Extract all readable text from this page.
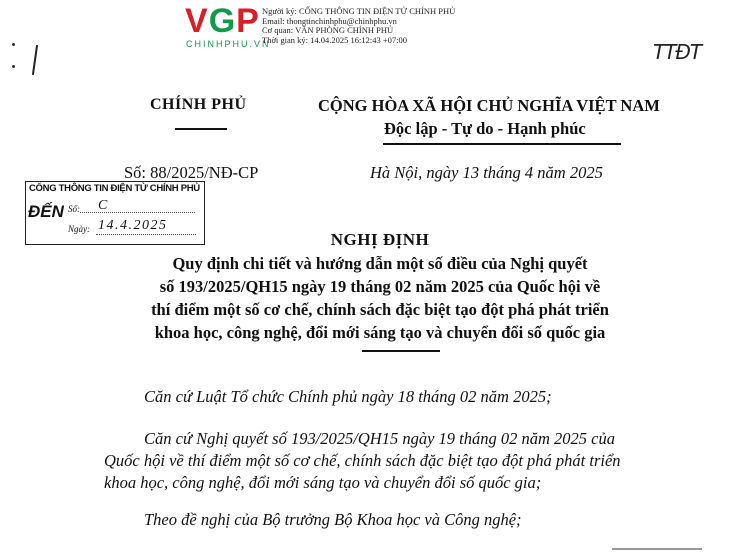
VGP
CHINHPHU.VN
Người ký: CỔNG THÔNG TIN ĐIỆN TỬ CHÍNH PHỦ
Email: thongtinchinhphu@chinhphu.vn
Cơ quan: VĂN PHÒNG CHÍNH PHỦ
Thời gian ký: 14.04.2025 16:12:43 +07:00
TTĐT
CHÍNH PHỦ	CỘNG HÒA XÃ HỘI CHỦ NGHĨA VIỆT NAM
Độc lập - Tự do - Hạnh phúc
Số: 88/2025/NĐ-CP	Hà Nội, ngày 13 tháng 4 năm 2025
CỔNG THÔNG TIN ĐIỆN TỬ CHÍNH PHỦ
ĐẾN Số: C
Ngày: 14.4.2025
NGHỊ ĐỊNH
Quy định chi tiết và hướng dẫn một số điều của Nghị quyết
số 193/2025/QH15 ngày 19 tháng 02 năm 2025 của Quốc hội về
thí điểm một số cơ chế, chính sách đặc biệt tạo đột phá phát triển
khoa học, công nghệ, đổi mới sáng tạo và chuyển đổi số quốc gia
Căn cứ Luật Tổ chức Chính phủ ngày 18 tháng 02 năm 2025;
Căn cứ Nghị quyết số 193/2025/QH15 ngày 19 tháng 02 năm 2025 của
Quốc hội về thí điểm một số cơ chế, chính sách đặc biệt tạo đột phá phát triển
khoa học, công nghệ, đổi mới sáng tạo và chuyển đổi số quốc gia;
Theo đề nghị của Bộ trưởng Bộ Khoa học và Công nghệ;
